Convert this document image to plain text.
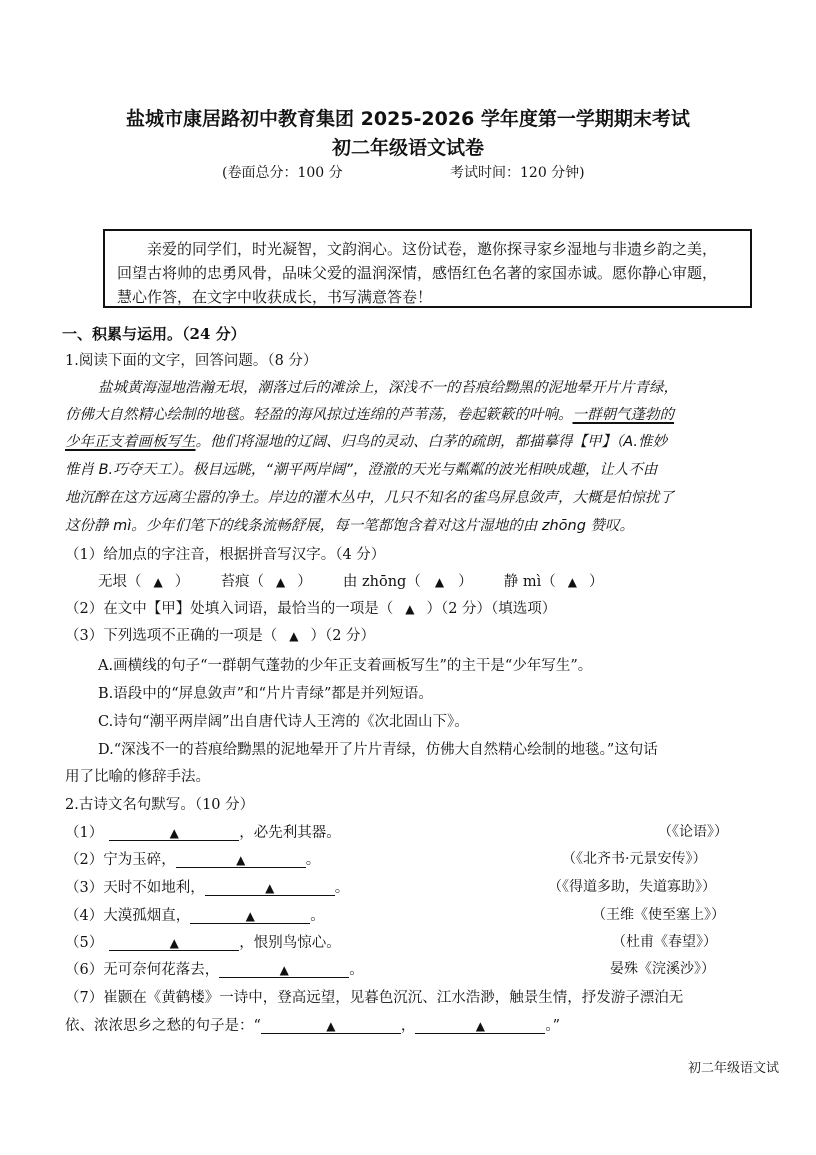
盐城市康居路初中教育集团 2025-2026 学年度第一学期期末考试
初二年级语文试卷
(卷面总分：100 分	考试时间：120 分钟)
亲爱的同学们，时光凝智，文韵润心。这份试卷，邀你探寻家乡湿地与非遗乡韵之美，
回望古将帅的忠勇风骨，品味父爱的温润深情，感悟红色名著的家国赤诚。愿你静心审题，
慧心作答，在文字中收获成长，书写满意答卷！
一、积累与运用。（24 分）
1.阅读下面的文字，回答问题。（8 分）
盐城黄海湿地浩瀚无垠，潮落过后的滩涂上，深浅不一的苔痕给黝黑的泥地晕开片片青绿，
仿佛大自然精心绘制的地毯。轻盈的海风掠过连绵的芦苇荡，卷起簌簌的叶响。一群朝气蓬勃的
少年正支着画板写生。他们将湿地的辽阔、归鸟的灵动、白茅的疏朗，都描摹得【甲】（A.惟妙
惟肖 B.巧夺天工）。极目远眺，“潮平两岸阔”，澄澈的天光与粼粼的波光相映成趣，让人不由
地沉醉在这方远离尘嚣的净土。岸边的灌木丛中，几只不知名的雀鸟屏息敛声，大概是怕惊扰了
这份静 mì。少年们笔下的线条流畅舒展，每一笔都饱含着对这片湿地的由 zhōng 赞叹。
（1）给加点的字注音，根据拼音写汉字。（4 分）
无垠（ ▲ ） 苔痕（ ▲ ） 由 zhōng（ ▲ ） 静 mì（ ▲ ）
（2）在文中【甲】处填入词语，最恰当的一项是（ ▲ ）（2 分）（填选项）
（3）下列选项不正确的一项是（ ▲ ）（2 分）
A.画横线的句子“一群朝气蓬勃的少年正支着画板写生”的主干是“少年写生”。
B.语段中的“屏息敛声”和“片片青绿”都是并列短语。
C.诗句“潮平两岸阔”出自唐代诗人王湾的《次北固山下》。
D.“深浅不一的苔痕给黝黑的泥地晕开了片片青绿，仿佛大自然精心绘制的地毯。”这句话
用了比喻的修辞手法。
2.古诗文名句默写。（10 分）
（1）	▲	，必先利其器。	（《论语》）
（2）宁为玉碎，	▲	。	（《北齐书·元景安传》）
（3）天时不如地利，	▲	。	（《得道多助，失道寡助》）
（4）大漠孤烟直，	▲	。	（王维《使至塞上》）
（5）	▲	，恨别鸟惊心。	（杜甫《春望》）
（6）无可奈何花落去，	▲	。	晏殊《浣溪沙》）
（7）崔颢在《黄鹤楼》一诗中，登高远望，见暮色沉沉、江水浩渺，触景生情，抒发游子漂泊无
依、浓浓思乡之愁的句子是：“	▲	，	▲	。”
初二年级语文试
